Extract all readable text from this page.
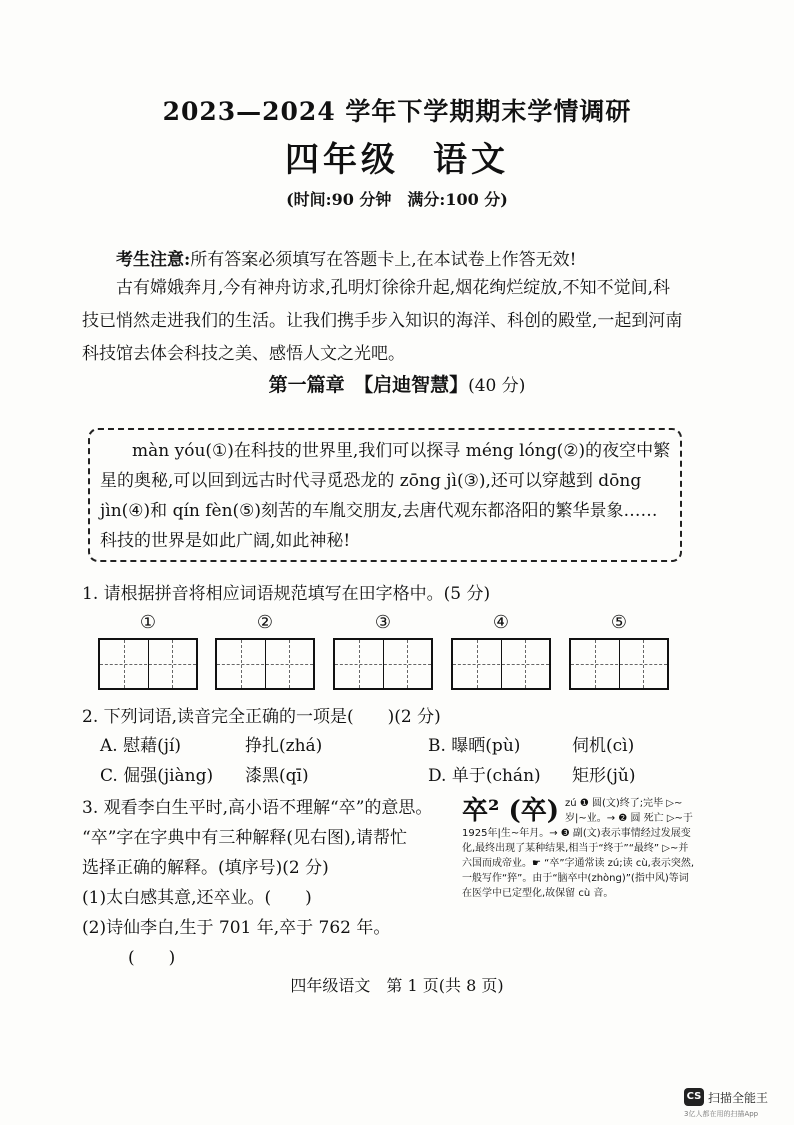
2023—2024 学年下学期期末学情调研
四年级 语文
(时间:90 分钟　满分:100 分)
考生注意:所有答案必须填写在答题卡上,在本试卷上作答无效!
古有嫦娥奔月,今有神舟访求,孔明灯徐徐升起,烟花绚烂绽放,不知不觉间,科技已悄然走进我们的生活。让我们携手步入知识的海洋、科创的殿堂,一起到河南科技馆去体会科技之美、感悟人文之光吧。
第一篇章　【启迪智慧】(40 分)
màn yóu(①)在科技的世界里,我们可以探寻 méng lóng(②)的夜空中繁星的奥秘,可以回到远古时代寻觅恐龙的 zōng jì(③),还可以穿越到 dōng jìn(④)和 qín fèn(⑤)刻苦的车胤交朋友,去唐代观东都洛阳的繁华景象……科技的世界是如此广阔,如此神秘!
1. 请根据拼音将相应词语规范填写在田字格中。(5 分)
①	②	③	④	⑤
2. 下列词语,读音完全正确的一项是(　　)(2 分)
A. 慰藉(jí)	挣扎(zhá)	B. 曝晒(pù)	伺机(cì)
C. 倔强(jiàng) 漆黑(qī)	D. 单于(chán) 矩形(jǔ)
3. 观看李白生平时,高小语不理解“卒”的意思。
“卒”字在字典中有三种解释(见右图),请帮忙
选择正确的解释。(填序号)(2 分)
(1)太白感其意,还卒业。(　　)
(2)诗仙李白,生于 701 年,卒于 762 年。
(　　)
卒² (卒) zú ❶ 圆(文)终了;完毕 ▷~岁|~业。→ ❷ 圆 死亡 ▷~于1925年|生~年月。→ ❸ 副(文)表示事情经过发展变化,最终出现了某种结果,相当于“终于”“最终” ▷~并六国而成帝业。☛ “卒”字通常读 zú;读 cù,表示突然,一般写作“猝”。由于“脑卒中(zhòng)”(指中风)等词在医学中已定型化,故保留 cù 音。
四年级语文　第 1 页(共 8 页)
CS 扫描全能王
3亿人都在用的扫描App
